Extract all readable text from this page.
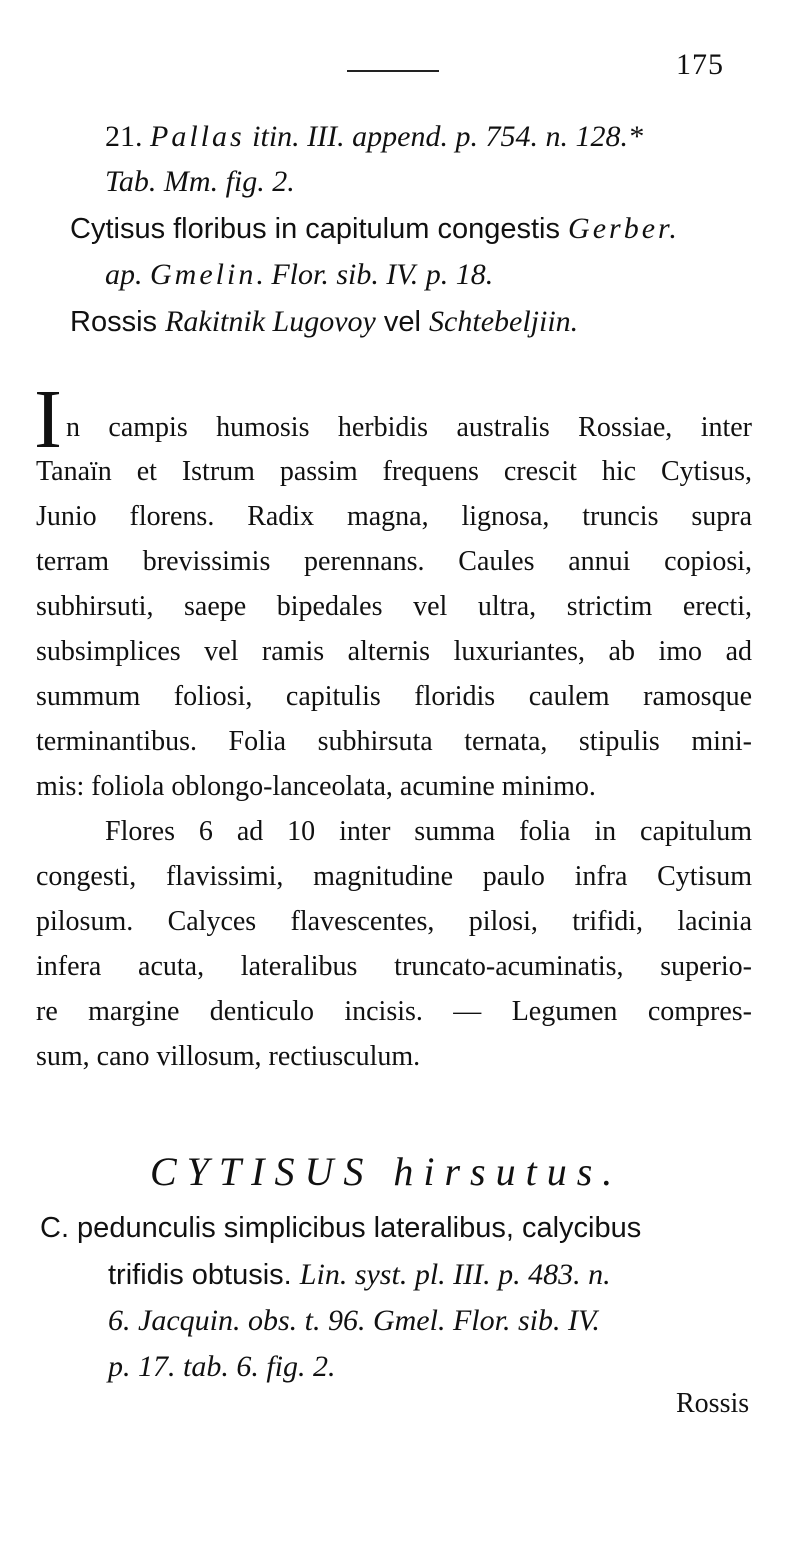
175
21. Pallas itin. III. append. p. 754. n. 128.*
Tab. Mm. fig. 2.
Cytisus floribus in capitulum congestis Gerber.
ap. Gmelin. Flor. sib. IV. p. 18.
Rossis Rakitnik Lugovoy vel Schtebeljiin.
I n campis humosis herbidis australis Rossiae, inter
Tanaïn et Istrum passim frequens crescit hic Cytisus,
Junio florens. Radix magna, lignosa, truncis supra
terram brevissimis perennans. Caules annui copiosi,
subhirsuti, saepe bipedales vel ultra, strictim erecti,
subsimplices vel ramis alternis luxuriantes, ab imo ad
summum foliosi, capitulis floridis caulem ramosque
terminantibus. Folia subhirsuta ternata, stipulis mini-
mis: foliola oblongo-lanceolata, acumine minimo.
Flores 6 ad 10 inter summa folia in capitulum
congesti, flavissimi, magnitudine paulo infra Cytisum
pilosum. Calyces flavescentes, pilosi, trifidi, lacinia
infera acuta, lateralibus truncato-acuminatis, superio-
re margine denticulo incisis. — Legumen compres-
sum, cano villosum, rectiusculum.
CYTISUS hirsutus.
C. pedunculis simplicibus lateralibus, calycibus
trifidis obtusis. Lin. syst. pl. III. p. 483. n.
6. Jacquin. obs. t. 96. Gmel. Flor. sib. IV.
p. 17. tab. 6. fig. 2.
Rossis
